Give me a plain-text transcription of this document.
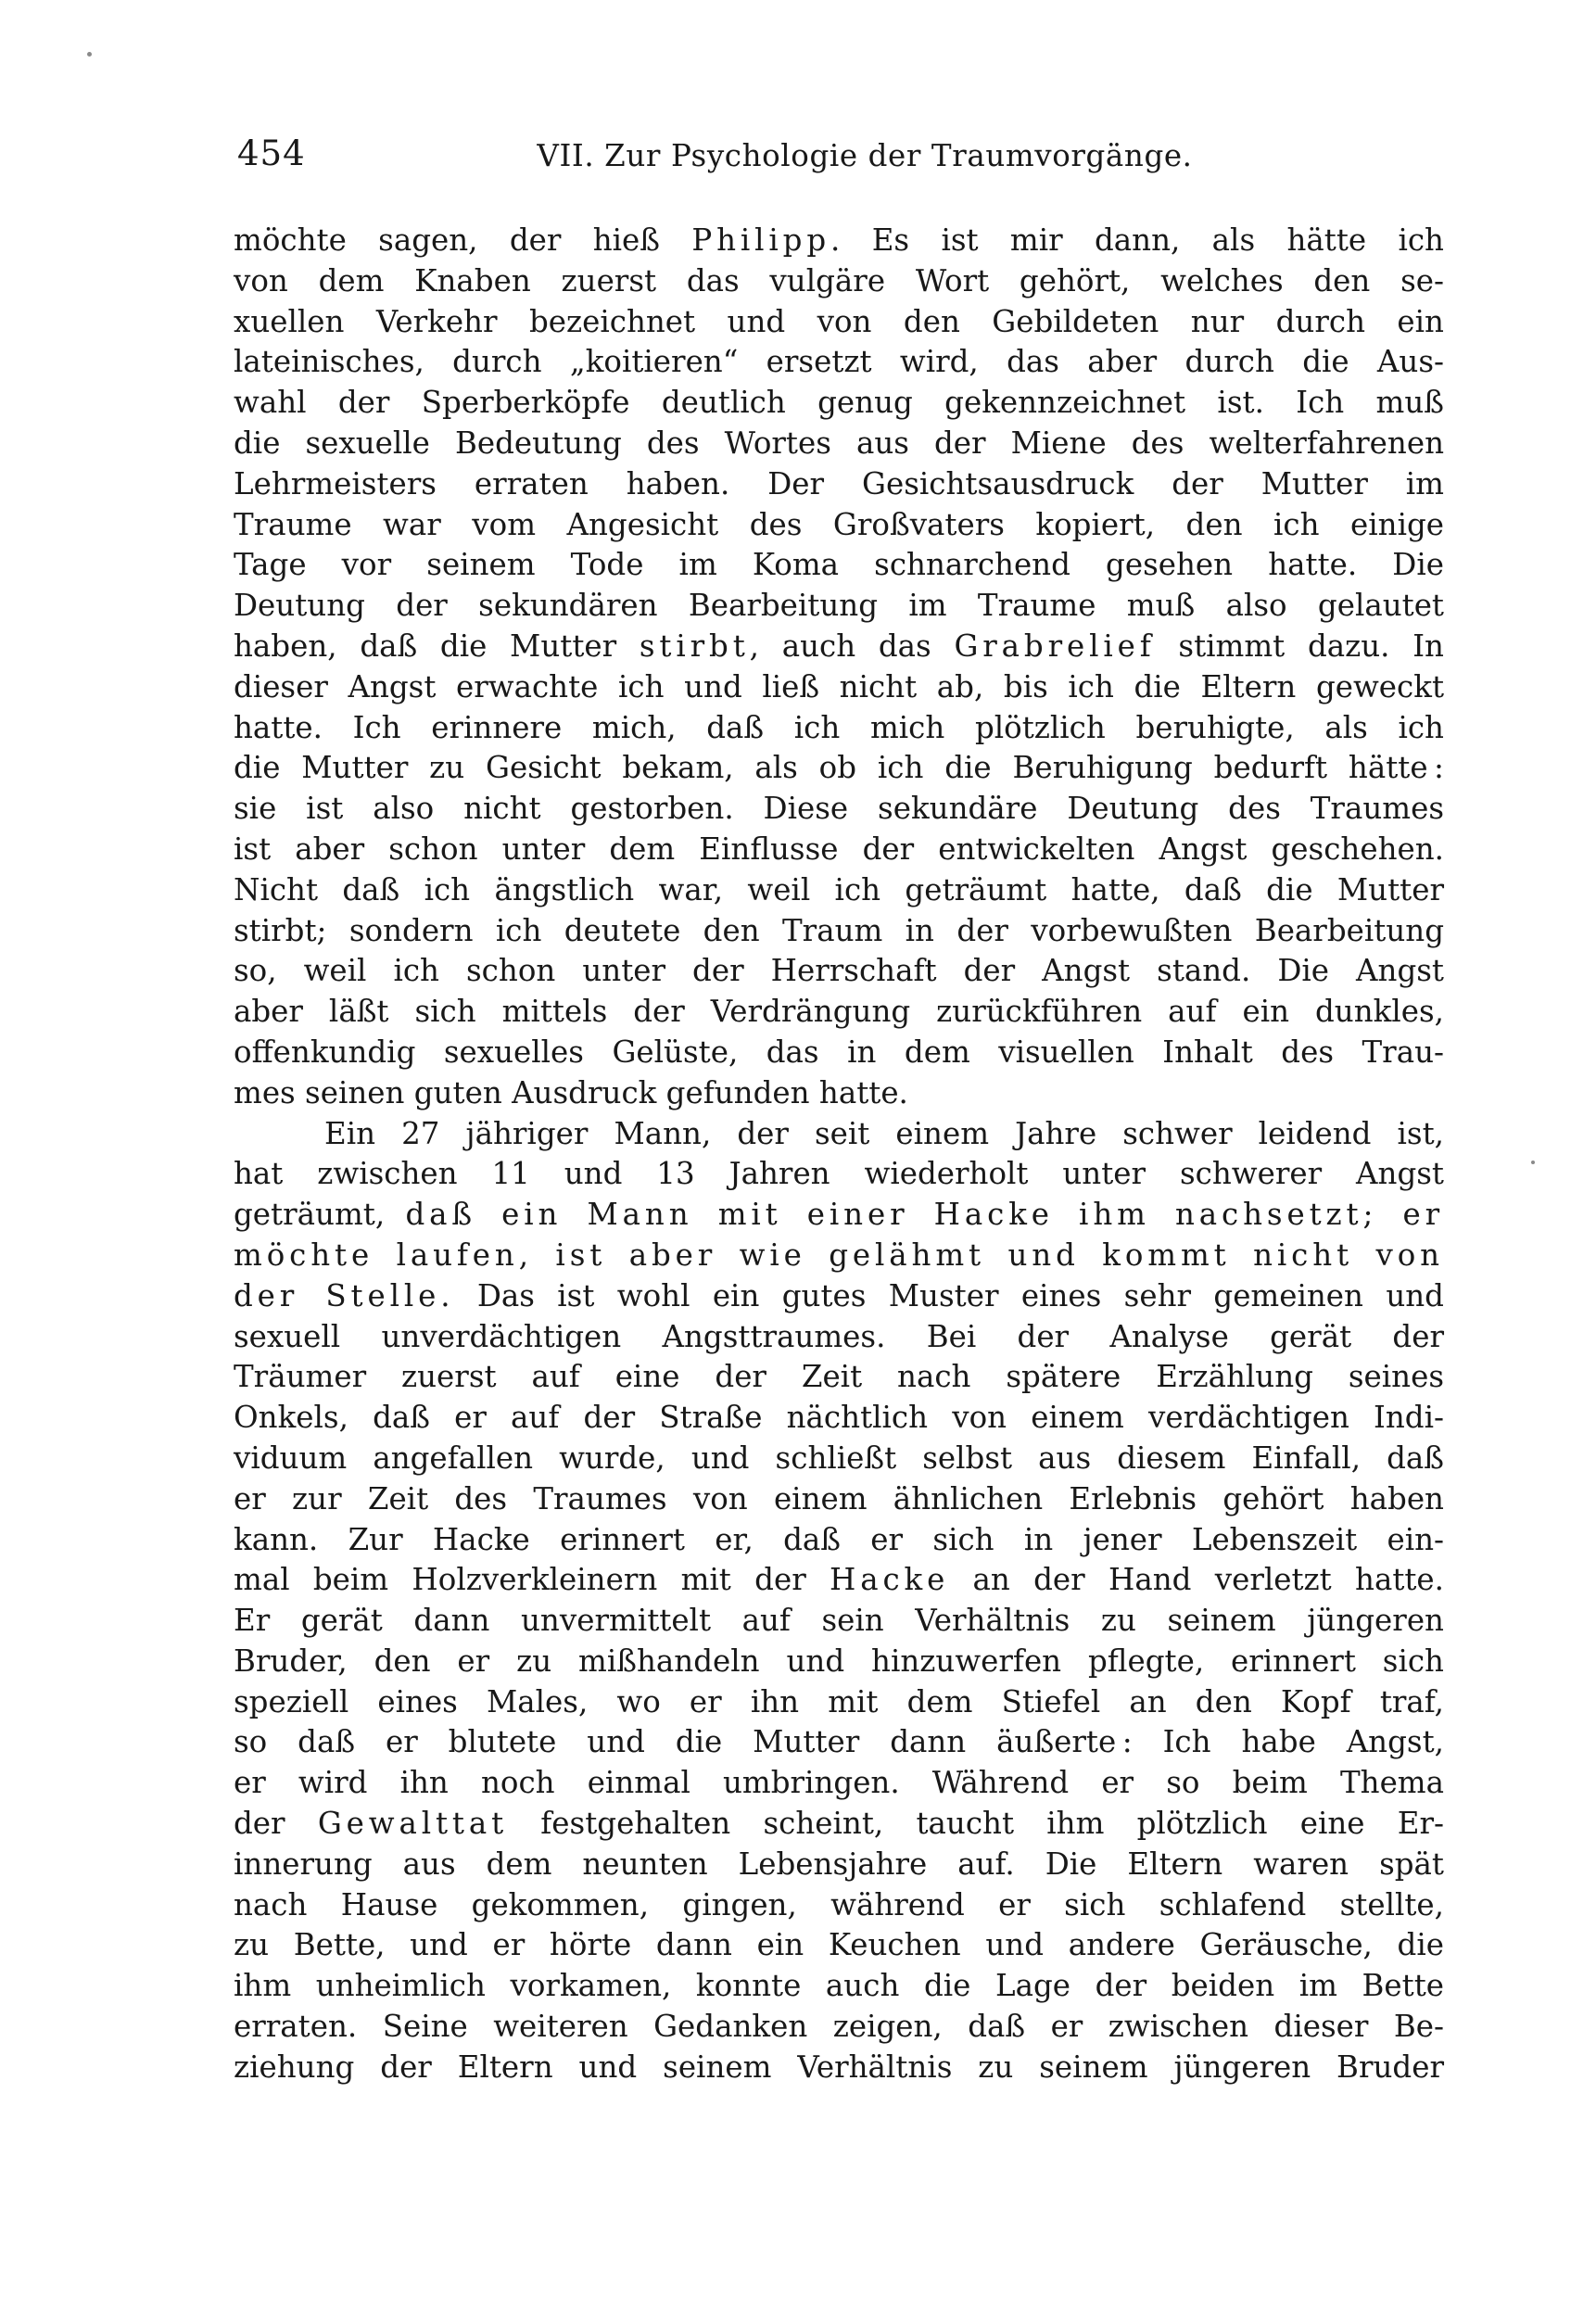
454	VII. Zur Psychologie der Traumvorgänge.
möchte sagen, der hieß Philipp. Es ist mir dann, als hätte ich
von dem Knaben zuerst das vulgäre Wort gehört, welches den se-
xuellen Verkehr bezeichnet und von den Gebildeten nur durch ein
lateinisches, durch „koitieren“ ersetzt wird, das aber durch die Aus-
wahl der Sperberköpfe deutlich genug gekennzeichnet ist. Ich muß
die sexuelle Bedeutung des Wortes aus der Miene des welterfahrenen
Lehrmeisters erraten haben. Der Gesichtsausdruck der Mutter im
Traume war vom Angesicht des Großvaters kopiert, den ich einige
Tage vor seinem Tode im Koma schnarchend gesehen hatte. Die
Deutung der sekundären Bearbeitung im Traume muß also gelautet
haben, daß die Mutter stirbt, auch das Grabrelief stimmt dazu. In
dieser Angst erwachte ich und ließ nicht ab, bis ich die Eltern geweckt
hatte. Ich erinnere mich, daß ich mich plötzlich beruhigte, als ich
die Mutter zu Gesicht bekam, als ob ich die Beruhigung bedurft hätte :
sie ist also nicht gestorben. Diese sekundäre Deutung des Traumes
ist aber schon unter dem Einflusse der entwickelten Angst geschehen.
Nicht daß ich ängstlich war, weil ich geträumt hatte, daß die Mutter
stirbt; sondern ich deutete den Traum in der vorbewußten Bearbeitung
so, weil ich schon unter der Herrschaft der Angst stand. Die Angst
aber läßt sich mittels der Verdrängung zurückführen auf ein dunkles,
offenkundig sexuelles Gelüste, das in dem visuellen Inhalt des Trau-
mes seinen guten Ausdruck gefunden hatte.
Ein 27 jähriger Mann, der seit einem Jahre schwer leidend ist,
hat zwischen 11 und 13 Jahren wiederholt unter schwerer Angst
geträumt, daß ein Mann mit einer Hacke ihm nachsetzt; er
möchte laufen, ist aber wie gelähmt und kommt nicht von
der Stelle. Das ist wohl ein gutes Muster eines sehr gemeinen und
sexuell unverdächtigen Angsttraumes. Bei der Analyse gerät der
Träumer zuerst auf eine der Zeit nach spätere Erzählung seines
Onkels, daß er auf der Straße nächtlich von einem verdächtigen Indi-
viduum angefallen wurde, und schließt selbst aus diesem Einfall, daß
er zur Zeit des Traumes von einem ähnlichen Erlebnis gehört haben
kann. Zur Hacke erinnert er, daß er sich in jener Lebenszeit ein-
mal beim Holzverkleinern mit der Hacke an der Hand verletzt hatte.
Er gerät dann unvermittelt auf sein Verhältnis zu seinem jüngeren
Bruder, den er zu mißhandeln und hinzuwerfen pflegte, erinnert sich
speziell eines Males, wo er ihn mit dem Stiefel an den Kopf traf,
so daß er blutete und die Mutter dann äußerte : Ich habe Angst,
er wird ihn noch einmal umbringen. Während er so beim Thema
der Gewalttat festgehalten scheint, taucht ihm plötzlich eine Er-
innerung aus dem neunten Lebensjahre auf. Die Eltern waren spät
nach Hause gekommen, gingen, während er sich schlafend stellte,
zu Bette, und er hörte dann ein Keuchen und andere Geräusche, die
ihm unheimlich vorkamen, konnte auch die Lage der beiden im Bette
erraten. Seine weiteren Gedanken zeigen, daß er zwischen dieser Be-
ziehung der Eltern und seinem Verhältnis zu seinem jüngeren Bruder
